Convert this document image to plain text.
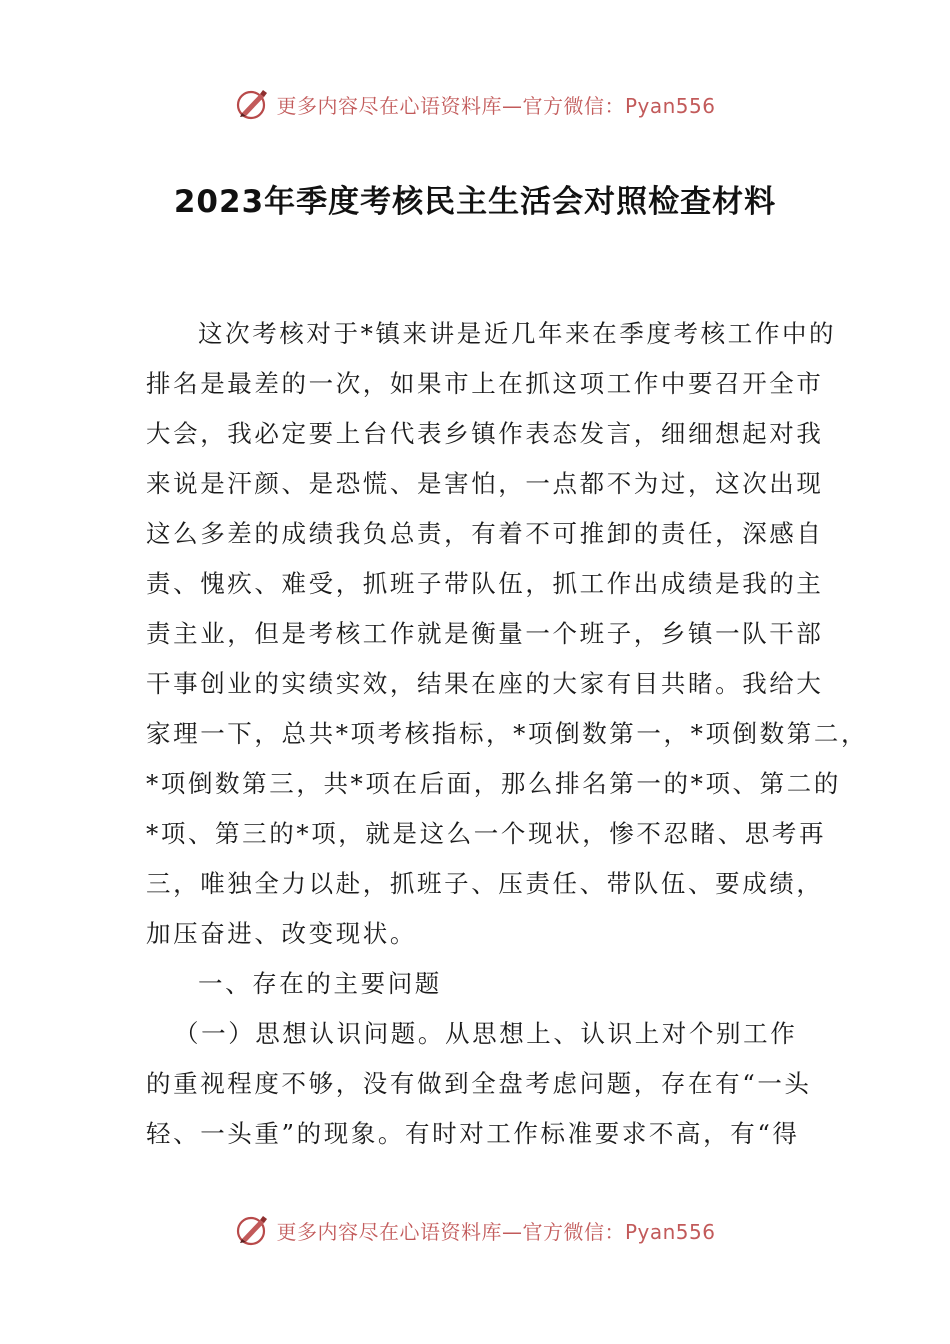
更多内容尽在心语资料库—官方微信：Pyan556
2023年季度考核民主生活会对照检查材料
这次考核对于*镇来讲是近几年来在季度考核工作中的
排名是最差的一次，如果市上在抓这项工作中要召开全市
大会，我必定要上台代表乡镇作表态发言，细细想起对我
来说是汗颜、是恐慌、是害怕，一点都不为过，这次出现
这么多差的成绩我负总责，有着不可推卸的责任，深感自
责、愧疚、难受，抓班子带队伍，抓工作出成绩是我的主
责主业，但是考核工作就是衡量一个班子，乡镇一队干部
干事创业的实绩实效，结果在座的大家有目共睹。我给大
家理一下，总共*项考核指标，*项倒数第一，*项倒数第二，
*项倒数第三，共*项在后面，那么排名第一的*项、第二的
*项、第三的*项，就是这么一个现状，惨不忍睹、思考再
三，唯独全力以赴，抓班子、压责任、带队伍、要成绩，
加压奋进、改变现状。
一、存在的主要问题
（一）思想认识问题。从思想上、认识上对个别工作
的重视程度不够，没有做到全盘考虑问题，存在有“一头
轻、一头重”的现象。有时对工作标准要求不高，有“得
更多内容尽在心语资料库—官方微信：Pyan556
